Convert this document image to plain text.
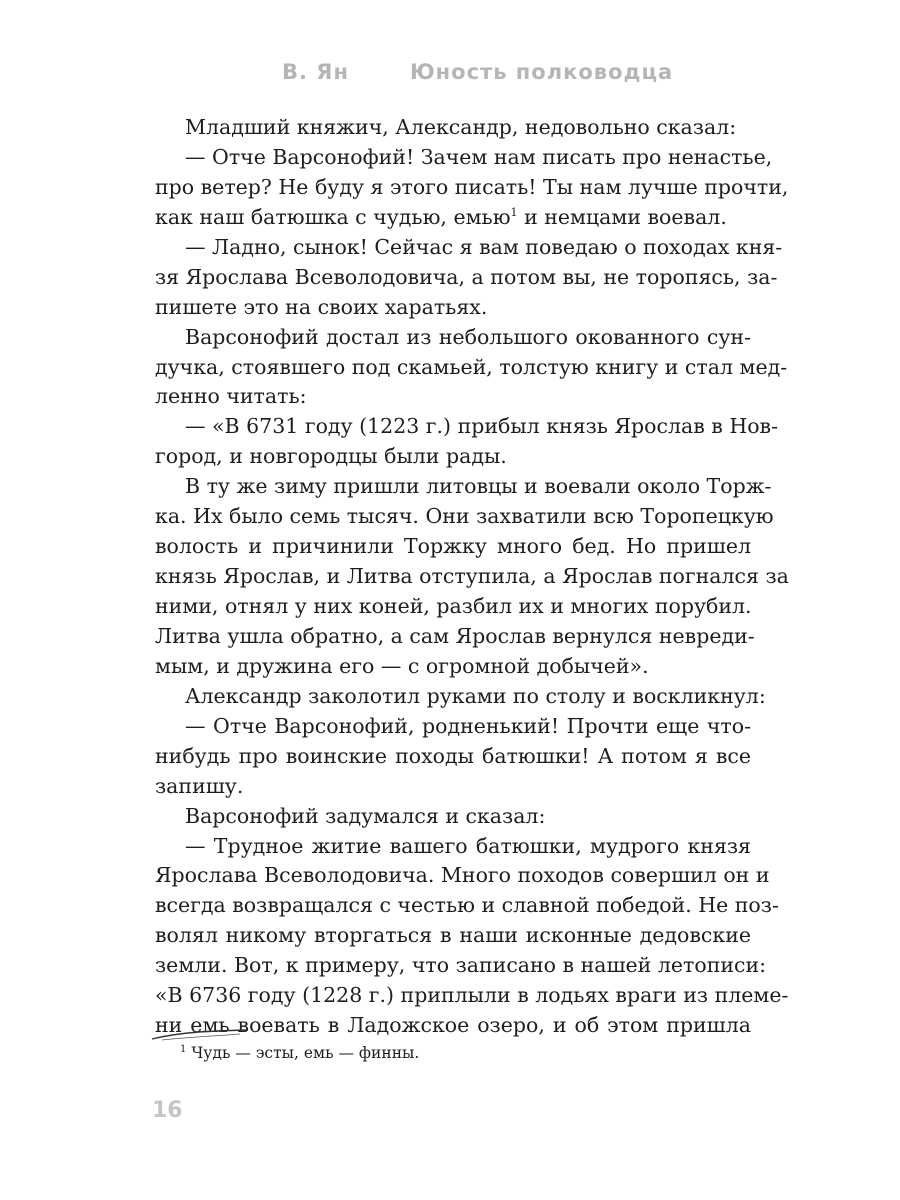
В. Ян	Юность полководца
Младший княжич, Александр, недовольно сказал:
— Отче Варсонофий! Зачем нам писать про ненастье,
про ветер? Не буду я этого писать! Ты нам лучше прочти,
как наш батюшка с чудью, емью$^1$ и немцами воевал.
— Ладно, сынок! Сейчас я вам поведаю о походах кня-
зя Ярослава Всеволодовича, а потом вы, не торопясь, за-
пишете это на своих харатьях.
Варсонофий достал из небольшого окованного сун-
дучка, стоявшего под скамьей, толстую книгу и стал мед-
ленно читать:
— «В 6731 году (1223 г.) прибыл князь Ярослав в Нов-
город, и новгородцы были рады.
В ту же зиму пришли литовцы и воевали около Торж-
ка. Их было семь тысяч. Они захватили всю Торопецкую
волость и причинили Торжку много бед. Но пришел
князь Ярослав, и Литва отступила, а Ярослав погнался за
ними, отнял у них коней, разбил их и многих порубил.
Литва ушла обратно, а сам Ярослав вернулся невреди-
мым, и дружина его — с огромной добычей».
Александр заколотил руками по столу и воскликнул:
— Отче Варсонофий, родненький! Прочти еще что-
нибудь про воинские походы батюшки! А потом я все
запишу.
Варсонофий задумался и сказал:
— Трудное житие вашего батюшки, мудрого князя
Ярослава Всеволодовича. Много походов совершил он и
всегда возвращался с честью и славной победой. Не поз-
волял никому вторгаться в наши исконные дедовские
земли. Вот, к примеру, что записано в нашей летописи:
«В 6736 году (1228 г.) приплыли в лодьях враги из племе-
ни емь воевать в Ладожское озеро, и об этом пришла
$^1$ Чудь — эсты, емь — финны.
16
